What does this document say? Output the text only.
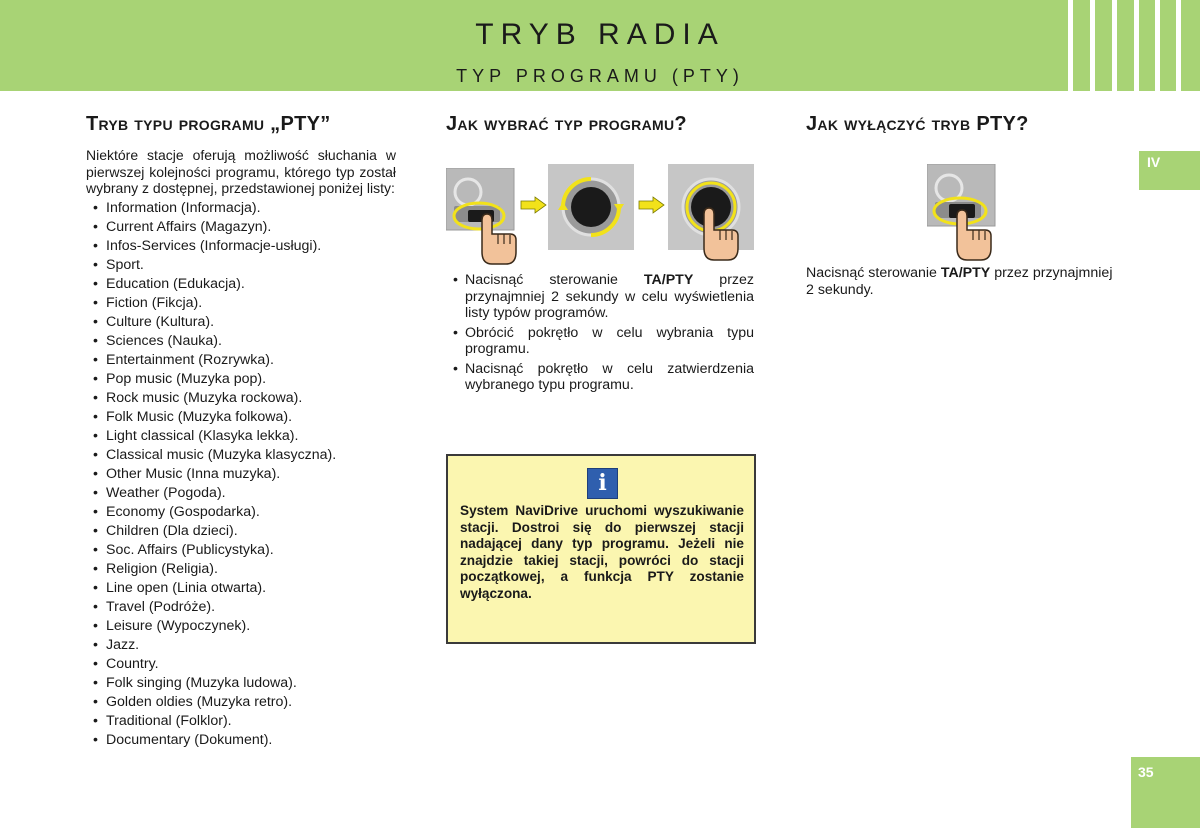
TRYB RADIA
TYP PROGRAMU (PTY)
IV
35
Tryb typu programu „PTY”
Niektóre stacje oferują możliwość słuchania w pierwszej kolejności programu, którego typ został wybrany z dostępnej, przedstawionej poniżej listy:
• Information (Informacja).
• Current Affairs (Magazyn).
• Infos-Services (Informacje-usługi).
• Sport.
• Education (Edukacja).
• Fiction (Fikcja).
• Culture (Kultura).
• Sciences (Nauka).
• Entertainment (Rozrywka).
• Pop music (Muzyka pop).
• Rock music (Muzyka rockowa).
• Folk Music (Muzyka folkowa).
• Light classical (Klasyka lekka).
• Classical music (Muzyka klasyczna).
• Other Music (Inna muzyka).
• Weather (Pogoda).
• Economy (Gospodarka).
• Children (Dla dzieci).
• Soc. Affairs (Publicystyka).
• Religion (Religia).
• Line open (Linia otwarta).
• Travel (Podróże).
• Leisure (Wypoczynek).
• Jazz.
• Country.
• Folk singing (Muzyka ludowa).
• Golden oldies (Muzyka retro).
• Traditional (Folklor).
• Documentary (Dokument).
Jak wybrać typ programu?
• Nacisnąć sterowanie TA/PTY przez przynajmniej 2 sekundy w celu wyświetlenia listy typów programów.
• Obrócić pokrętło w celu wybrania typu programu.
• Nacisnąć pokrętło w celu zatwierdzenia wybranego typu programu.
i
System NaviDrive uruchomi wyszukiwanie stacji. Dostroi się do pierwszej stacji nadającej dany typ programu. Jeżeli nie znajdzie takiej stacji, powróci do stacji początkowej, a funkcja PTY zostanie wyłączona.
Jak wyłączyć tryb PTY?
Nacisnąć sterowanie TA/PTY przez przynajmniej 2 sekundy.
